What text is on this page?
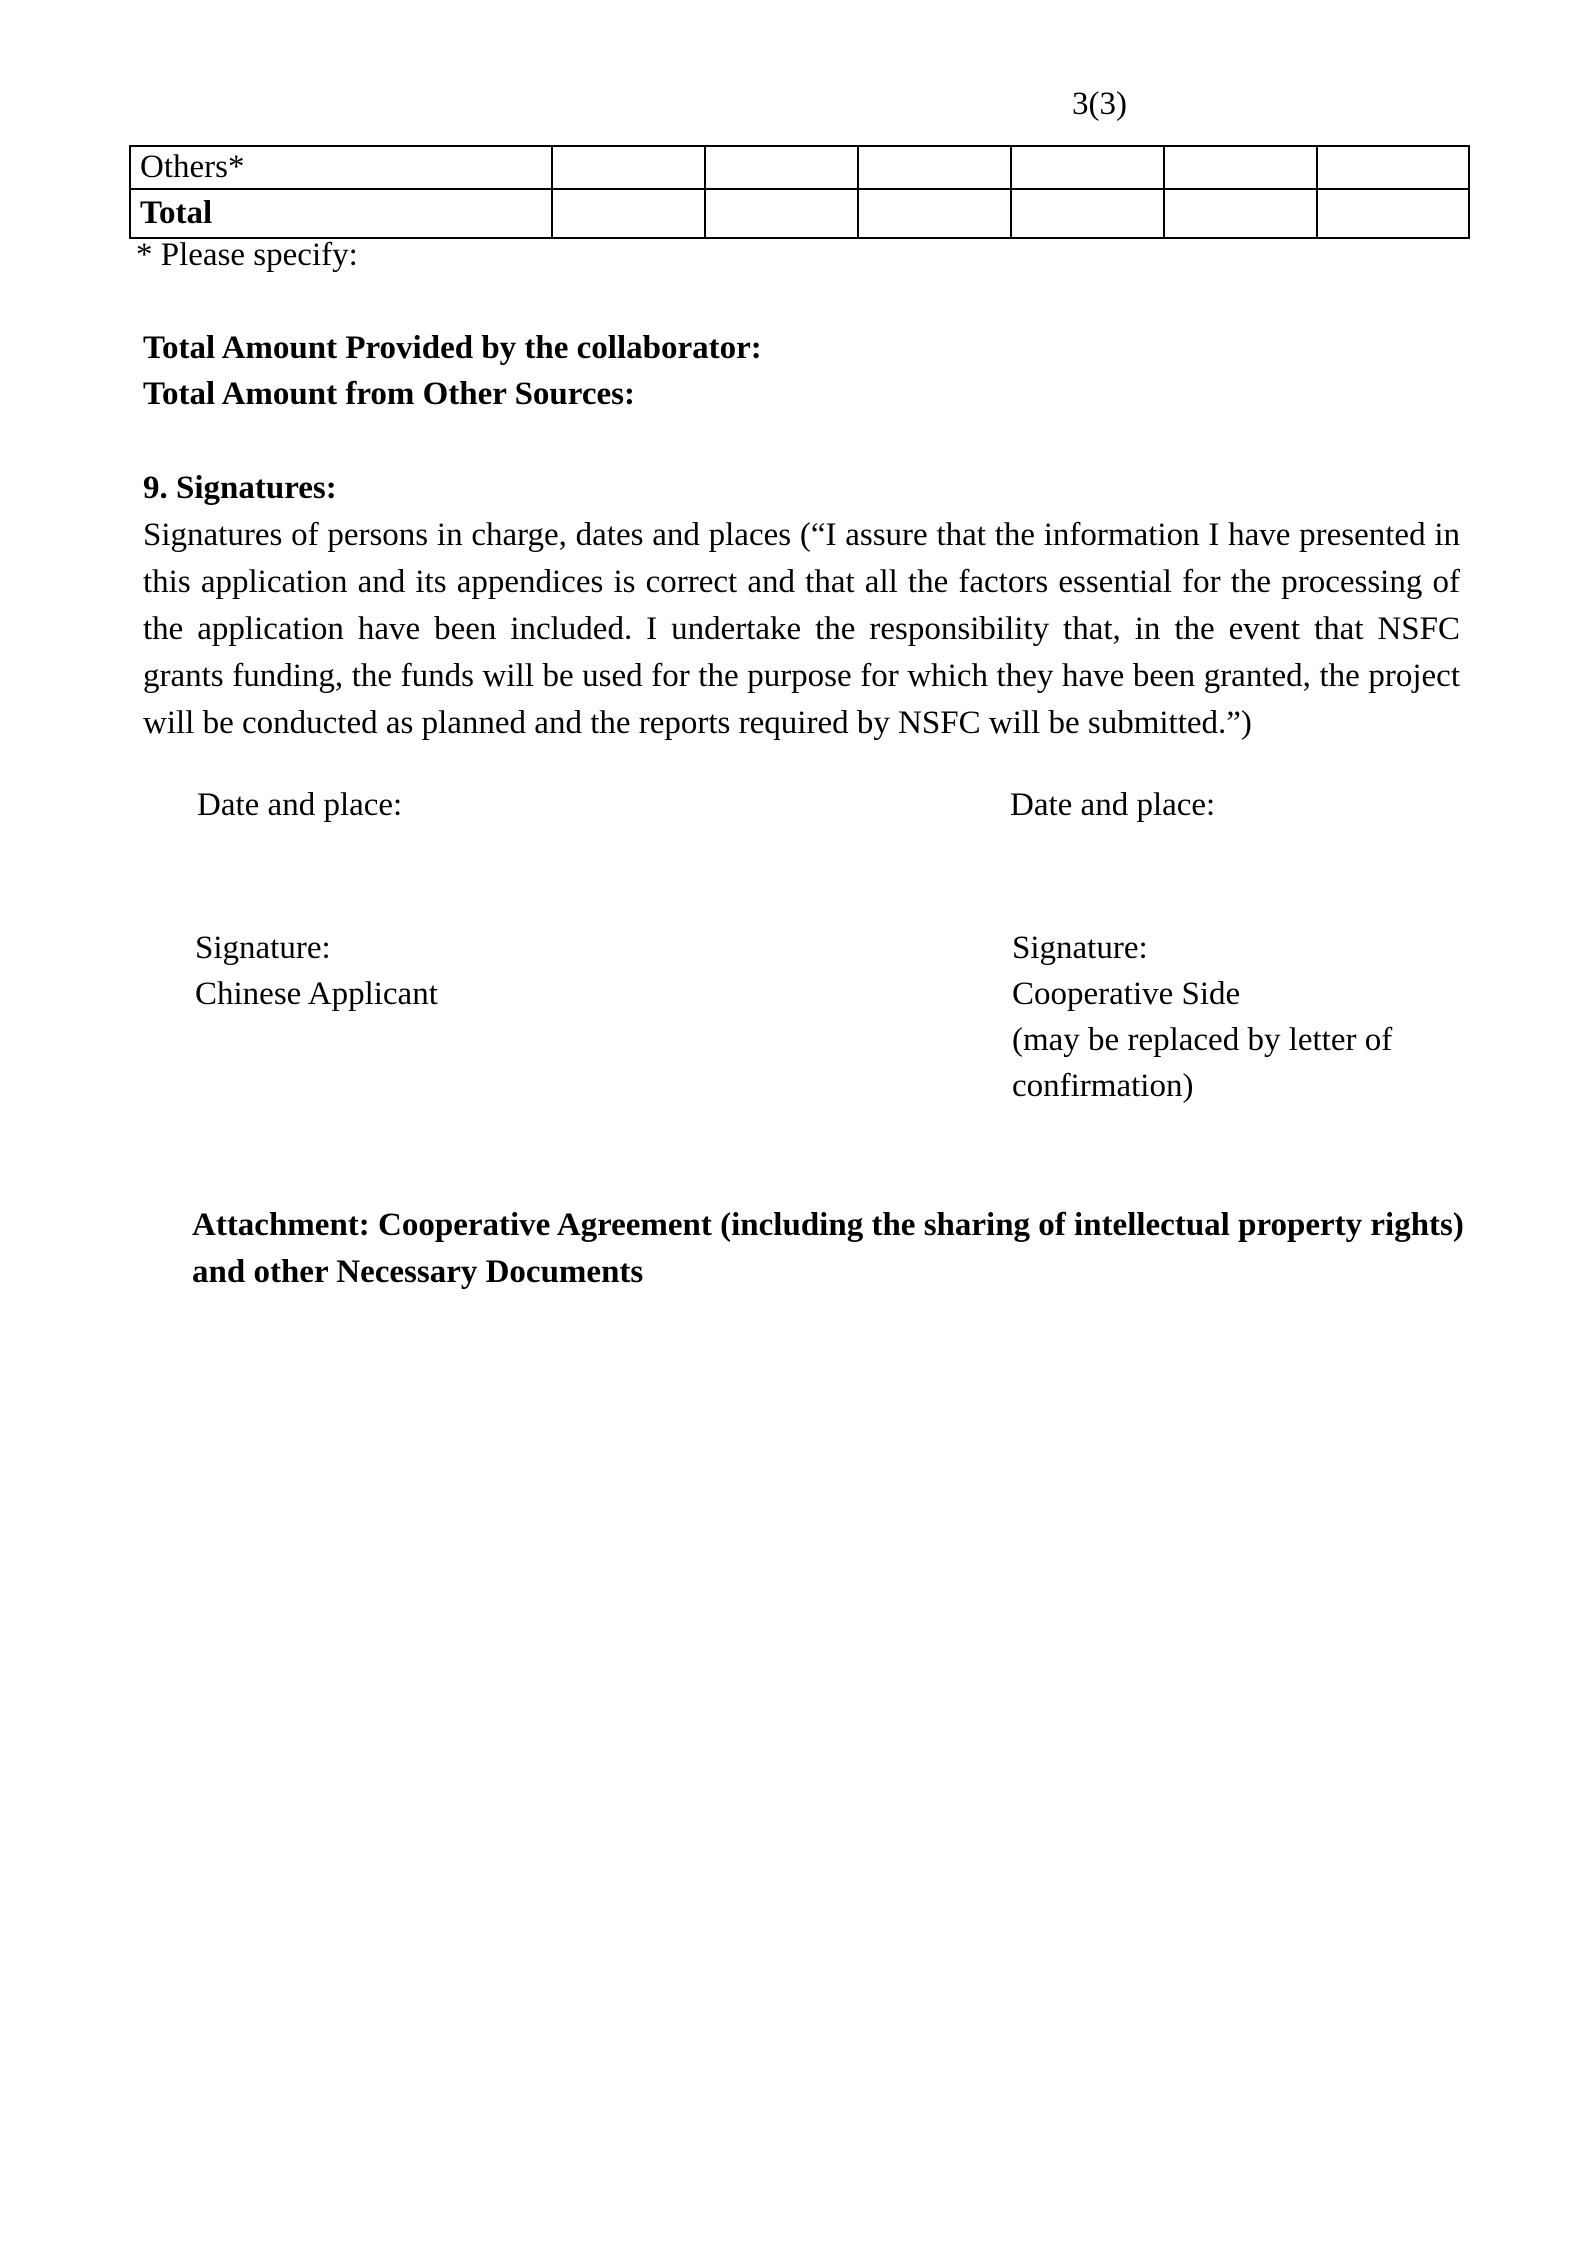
3(3)
Others*						
Total						
* Please specify:
Total Amount Provided by the collaborator:
Total Amount from Other Sources:
9. Signatures:
Signatures of persons in charge, dates and places (“I assure that the information I have presented in this application and its appendices is correct and that all the factors essential for the processing of the application have been included. I undertake the responsibility that, in the event that NSFC grants funding, the funds will be used for the purpose for which they have been granted, the project will be conducted as planned and the reports required by NSFC will be submitted.”)
Date and place:	Date and place:
Signature:
Chinese Applicant
Signature:
Cooperative Side
(may be replaced by letter of
confirmation)
Attachment: Cooperative Agreement (including the sharing of intellectual property rights) and other Necessary Documents
